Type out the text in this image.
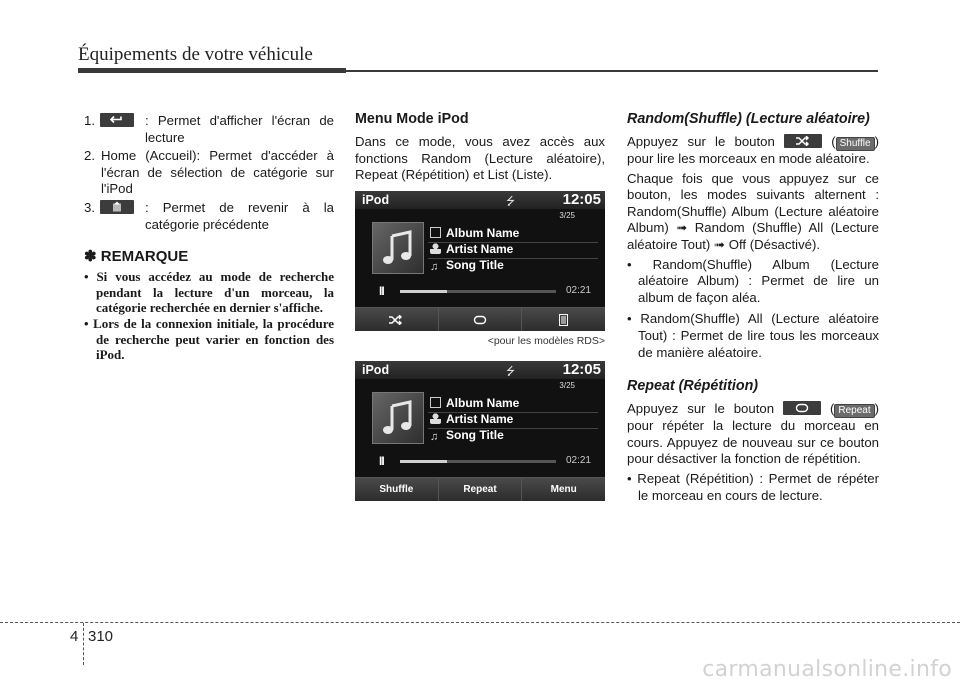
Équipements de votre véhicule
1.	: Permet d'afficher l'écran de lecture
2. Home (Accueil): Permet d'accéder à l'écran de sélection de catégorie sur l'iPod
3.	: Permet de revenir à la catégorie précédente
✽ REMARQUE
• Si vous accédez au mode de recherche pendant la lecture d'un morceau, la catégorie recherchée en dernier s'affiche.
• Lors de la connexion initiale, la procédure de recherche peut varier en fonction des iPod.
Menu Mode iPod
Dans ce mode, vous avez accès aux fonctions Random (Lecture aléatoire), Repeat (Répétition) et List (Liste).
iPod	⭍	12:05
3/25
Album Name
Artist Name
♫ Song Title
II	02:21
<pour les modèles RDS>
iPod	⭍	12:05
3/25
Album Name
Artist Name
♫ Song Title
II	02:21
Shuffle	Repeat	Menu
Random(Shuffle) (Lecture aléatoire)
Appuyez sur le bouton	( Shuffle ) pour lire les morceaux en mode aléatoire.
Chaque fois que vous appuyez sur ce bouton, les modes suivants alternent : Random(Shuffle) Album (Lecture aléatoire Album) ➟ Random (Shuffle) All (Lecture aléatoire Tout) ➟ Off (Désactivé).
• Random(Shuffle) Album (Lecture aléatoire Album) : Permet de lire un album de façon aléa.
• Random(Shuffle) All (Lecture aléatoire Tout) : Permet de lire tous les morceaux de manière aléatoire.
Repeat (Répétition)
Appuyez sur le bouton	( Repeat ) pour répéter la lecture du morceau en cours. Appuyez de nouveau sur ce bouton pour désactiver la fonction de répétition.
• Repeat (Répétition) : Permet de répéter le morceau en cours de lecture.
4 310
carmanualsonline.info
